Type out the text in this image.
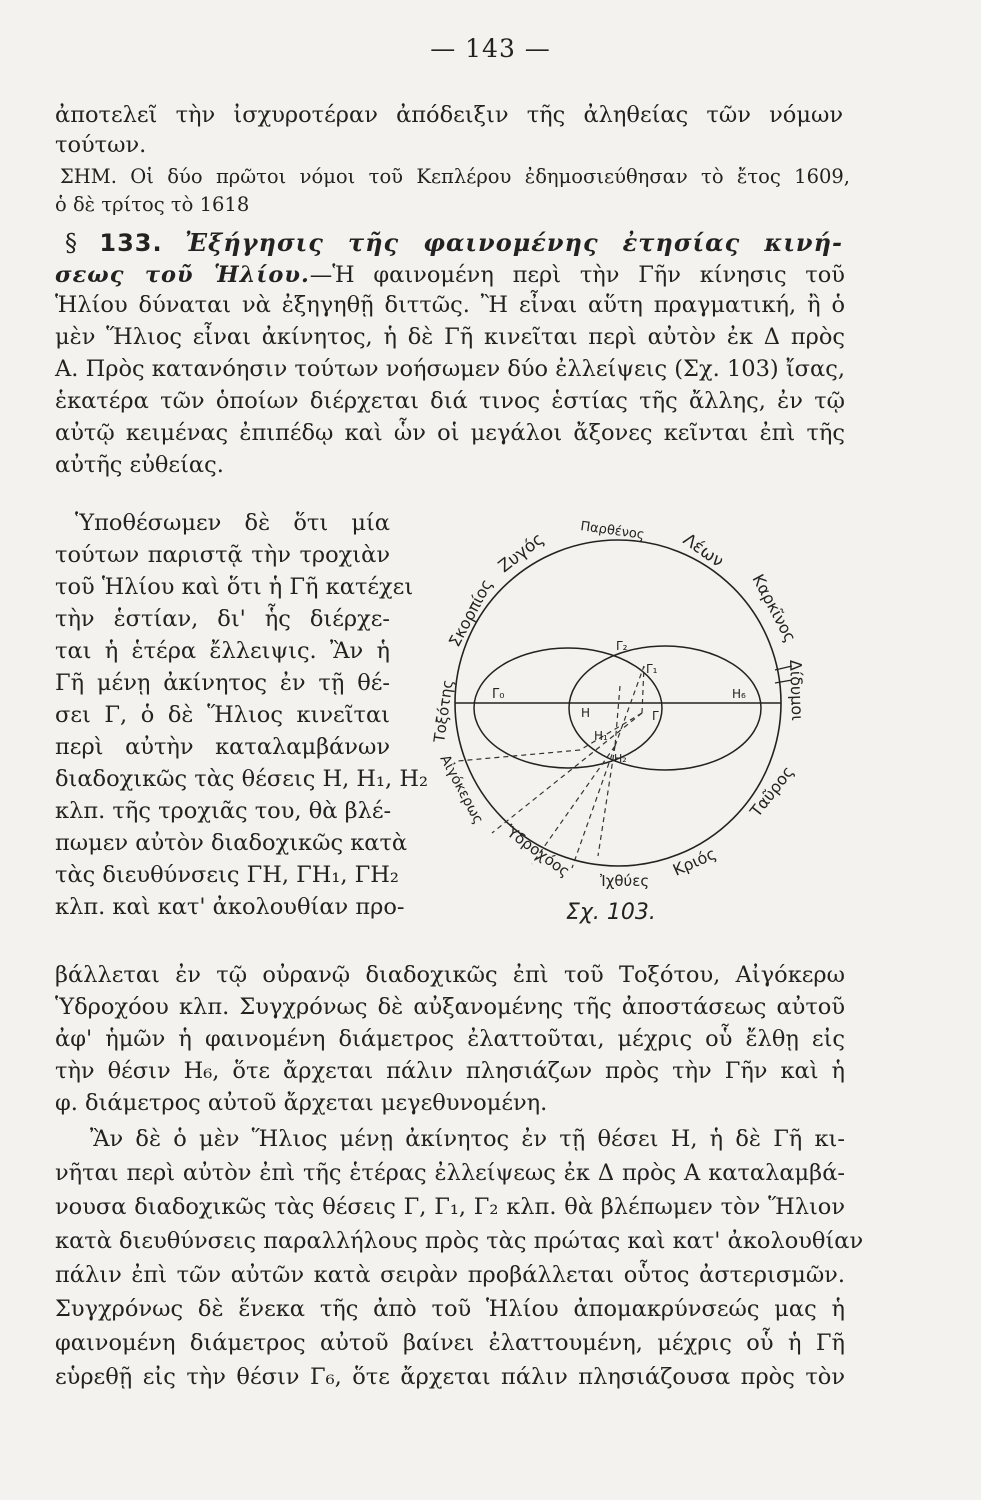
— 143 —
ἀποτελεῖ τὴν ἰσχυροτέραν ἀπόδειξιν τῆς ἀληθείας τῶν νόμων
τούτων.
ΣΗΜ. Οἱ δύο πρῶτοι νόμοι τοῦ Κεπλέρου ἐδημοσιεύθησαν τὸ ἔτος 1609,
ὁ δὲ τρίτος τὸ 1618
§ 133. Ἐξήγησις τῆς φαινομένης ἐτησίας κινή-
σεως τοῦ Ἡλίου.—Ἡ φαινομένη περὶ τὴν Γῆν κίνησις τοῦ
Ἡλίου δύναται νὰ ἐξηγηθῇ διττῶς. Ἢ εἶναι αὕτη πραγματική, ἢ ὁ
μὲν Ἥλιος εἶναι ἀκίνητος, ἡ δὲ Γῆ κινεῖται περὶ αὐτὸν ἐκ Δ πρὸς
Α. Πρὸς κατανόησιν τούτων νοήσωμεν δύο ἐλλείψεις (Σχ. 103) ἴσας,
ἑκατέρα τῶν ὁποίων διέρχεται διά τινος ἑστίας τῆς ἄλλης, ἐν τῷ
αὐτῷ κειμένας ἐπιπέδῳ καὶ ὧν οἱ μεγάλοι ἄξονες κεῖνται ἐπὶ τῆς
αὐτῆς εὐθείας.
Ὑποθέσωμεν δὲ ὅτι μία
τούτων παριστᾷ τὴν τροχιὰν
τοῦ Ἡλίου καὶ ὅτι ἡ Γῆ κατέχει
τὴν ἑστίαν, δι' ἧς διέρχε-
ται ἡ ἑτέρα ἔλλειψις. Ἂν ἡ
Γῆ μένῃ ἀκίνητος ἐν τῇ θέ-
σει Γ, ὁ δὲ Ἥλιος κινεῖται
περὶ αὐτὴν καταλαμβάνων
διαδοχικῶς τὰς θέσεις Η, Η₁, Η₂
κλπ. τῆς τροχιᾶς του, θὰ βλέ-
πωμεν αὐτὸν διαδοχικῶς κατὰ
τὰς διευθύνσεις ΓΗ, ΓΗ₁, ΓΗ₂
κλπ. καὶ κατ' ἀκολουθίαν προ-
Γ₀
Γ₂
Γ₁
Η₆
Η	Γ
Η₁
Η₂
Παρθένος Λέων
Καρκῖνος
Δίδυμοι
Ταῦρος
Κριός
Ἰχθύες
Ὑδροχόος
Αἰγόκερως
Τοξότης
Σκορπίος
Ζυγός
Σχ. 103.
βάλλεται ἐν τῷ οὐρανῷ διαδοχικῶς ἐπὶ τοῦ Τοξότου, Αἰγόκερω
Ὑδροχόου κλπ. Συγχρόνως δὲ αὐξανομένης τῆς ἀποστάσεως αὐτοῦ
ἀφ' ἡμῶν ἡ φαινομένη διάμετρος ἐλαττοῦται, μέχρις οὗ ἔλθῃ εἰς
τὴν θέσιν Η₆, ὅτε ἄρχεται πάλιν πλησιάζων πρὸς τὴν Γῆν καὶ ἡ
φ. διάμετρος αὐτοῦ ἄρχεται μεγεθυνομένη.
Ἂν δὲ ὁ μὲν Ἥλιος μένῃ ἀκίνητος ἐν τῇ θέσει Η, ἡ δὲ Γῆ κι-
νῆται περὶ αὐτὸν ἐπὶ τῆς ἑτέρας ἐλλείψεως ἐκ Δ πρὸς Α καταλαμβά-
νουσα διαδοχικῶς τὰς θέσεις Γ, Γ₁, Γ₂ κλπ. θὰ βλέπωμεν τὸν Ἥλιον
κατὰ διευθύνσεις παραλλήλους πρὸς τὰς πρώτας καὶ κατ' ἀκολουθίαν
πάλιν ἐπὶ τῶν αὐτῶν κατὰ σειρὰν προβάλλεται οὗτος ἀστερισμῶν.
Συγχρόνως δὲ ἕνεκα τῆς ἀπὸ τοῦ Ἡλίου ἀπομακρύνσεώς μας ἡ
φαινομένη διάμετρος αὐτοῦ βαίνει ἐλαττουμένη, μέχρις οὗ ἡ Γῆ
εὑρεθῇ εἰς τὴν θέσιν Γ₆, ὅτε ἄρχεται πάλιν πλησιάζουσα πρὸς τὸν
